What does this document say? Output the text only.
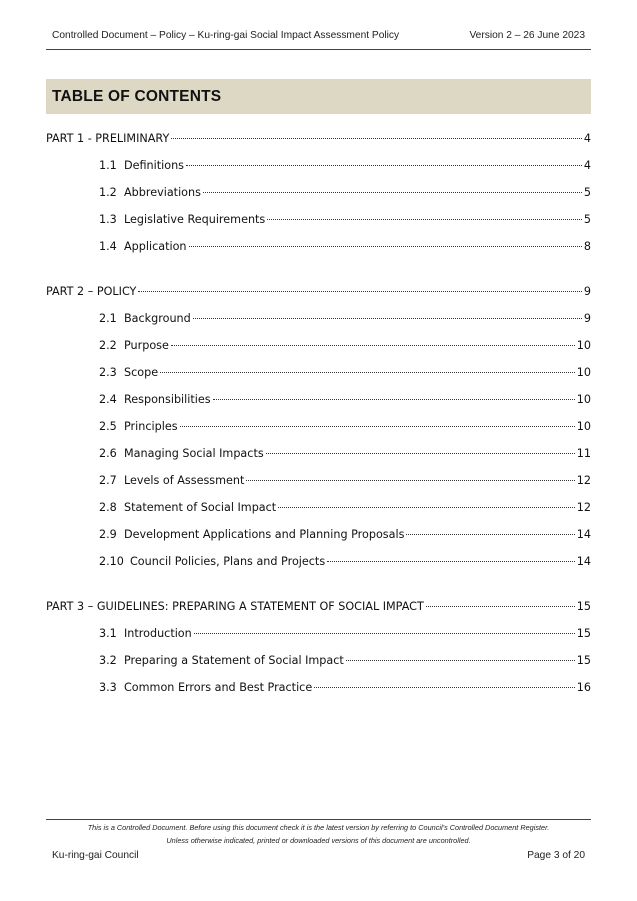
Controlled Document – Policy – Ku-ring-gai Social Impact Assessment Policy	Version 2 – 26 June 2023
TABLE OF CONTENTS
PART 1 - PRELIMINARY	4
1.1 Definitions	4
1.2 Abbreviations	5
1.3 Legislative Requirements	5
1.4 Application	8
PART 2 – POLICY	9
2.1 Background	9
2.2 Purpose	10
2.3 Scope	10
2.4 Responsibilities	10
2.5 Principles	10
2.6 Managing Social Impacts	11
2.7 Levels of Assessment	12
2.8 Statement of Social Impact	12
2.9 Development Applications and Planning Proposals	14
2.10 Council Policies, Plans and Projects	14
PART 3 – GUIDELINES: PREPARING A STATEMENT OF SOCIAL IMPACT	15
3.1 Introduction	15
3.2 Preparing a Statement of Social Impact	15
3.3 Common Errors and Best Practice	16
This is a Controlled Document. Before using this document check it is the latest version by referring to Council’s Controlled Document Register.
Unless otherwise indicated, printed or downloaded versions of this document are uncontrolled.
Ku-ring-gai Council	Page 3 of 20
